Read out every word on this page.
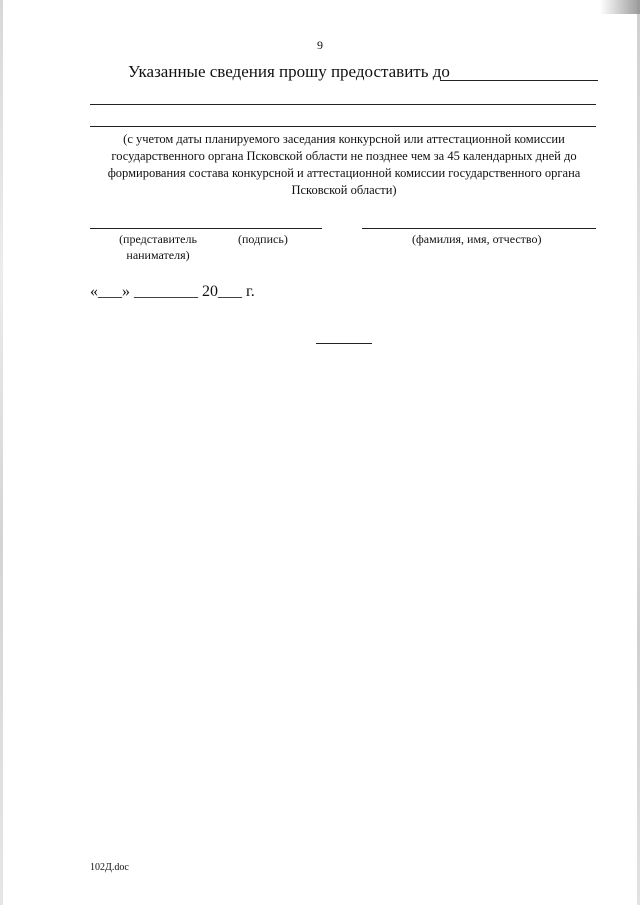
9
Указанные сведения прошу предоставить до
(с учетом даты планируемого заседания конкурсной или аттестационной комиссии государственного органа Псковской области не позднее чем за 45 календарных дней до формирования состава конкурсной и аттестационной комиссии государственного органа Псковской области)
(представитель нанимателя)
(подпись)	(фамилия, имя, отчество)
«___» ________ 20___ г.
102Д.doc
